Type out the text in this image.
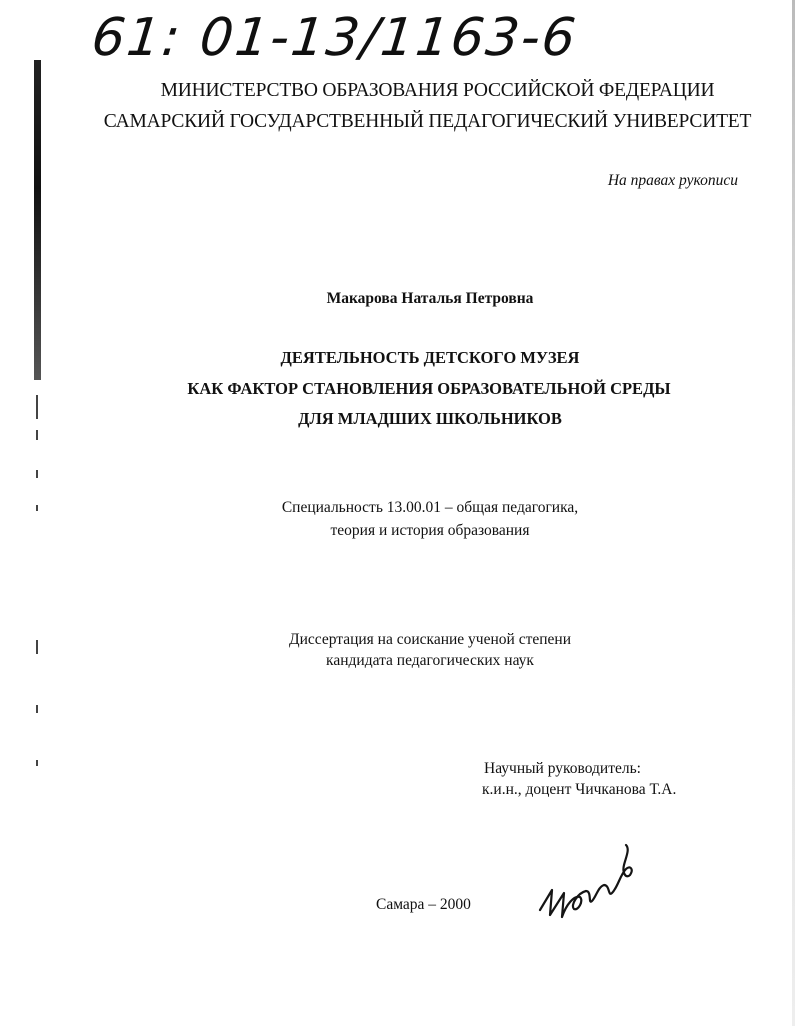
61: 01-13/1163-6
МИНИСТЕРСТВО ОБРАЗОВАНИЯ РОССИЙСКОЙ ФЕДЕРАЦИИ
САМАРСКИЙ ГОСУДАРСТВЕННЫЙ ПЕДАГОГИЧЕСКИЙ УНИВЕРСИТЕТ
На правах рукописи
Макарова Наталья Петровна
ДЕЯТЕЛЬНОСТЬ ДЕТСКОГО МУЗЕЯ
КАК ФАКТОР СТАНОВЛЕНИЯ ОБРАЗОВАТЕЛЬНОЙ СРЕДЫ
ДЛЯ МЛАДШИХ ШКОЛЬНИКОВ
Специальность 13.00.01 – общая педагогика,
теория и история образования
Диссертация на соискание ученой степени
кандидата педагогических наук
Научный руководитель:
к.и.н., доцент Чичканова Т.А.
Самара – 2000
